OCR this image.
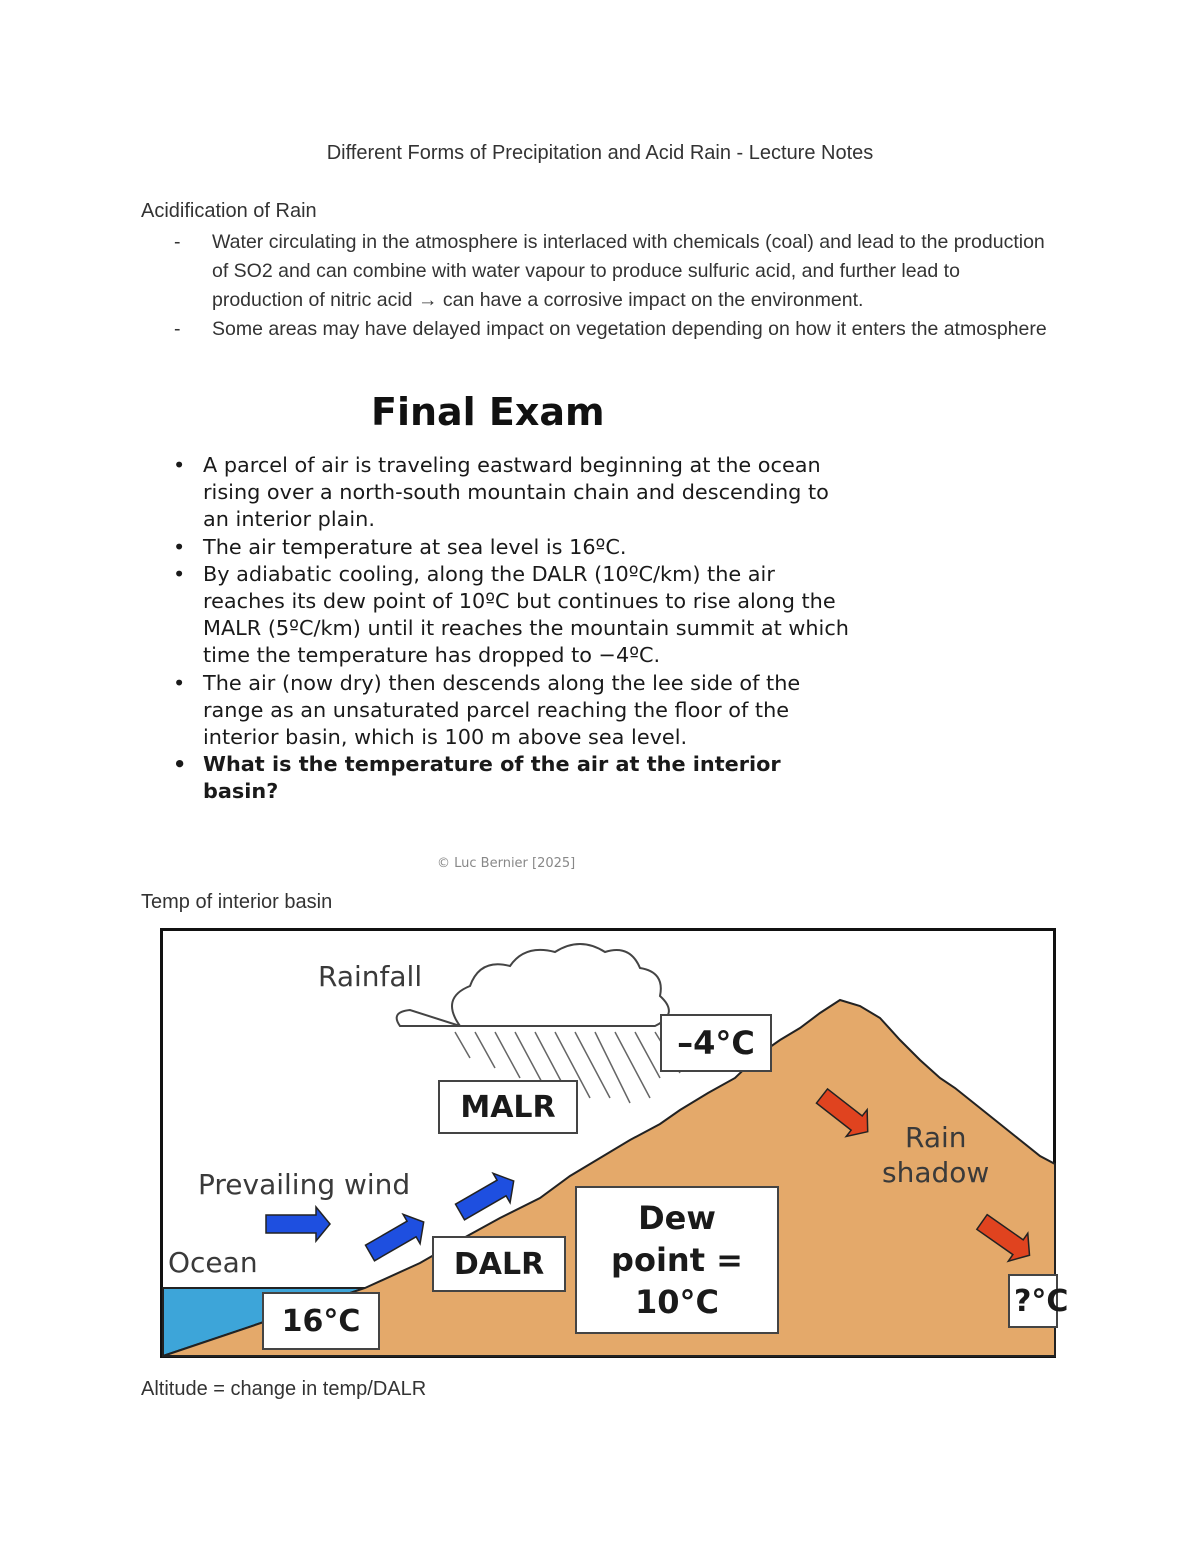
Different Forms of Precipitation and Acid Rain - Lecture Notes
Acidification of Rain
- Water circulating in the atmosphere is interlaced with chemicals (coal) and lead to the production of SO2 and can combine with water vapour to produce sulfuric acid, and further lead to production of nitric acid → can have a corrosive impact on the environment.
- Some areas may have delayed impact on vegetation depending on how it enters the atmosphere
Final Exam
• A parcel of air is traveling eastward beginning at the ocean rising over a north-south mountain chain and descending to an interior plain.
• The air temperature at sea level is 16ºC.
• By adiabatic cooling, along the DALR (10ºC/km) the air reaches its dew point of 10ºC but continues to rise along the MALR (5ºC/km) until it reaches the mountain summit at which time the temperature has dropped to −4ºC.
• The air (now dry) then descends along the lee side of the range as an unsaturated parcel reaching the floor of the interior basin, which is 100 m above sea level.
• What is the temperature of the air at the interior basin?
© Luc Bernier [2025]
Temp of interior basin
Rainfall
Prevailing wind
Ocean
Rain
shadow
–4°C
MALR
DALR
16°C
Dew
point =
10°C	?°C
Altitude = change in temp/DALR
